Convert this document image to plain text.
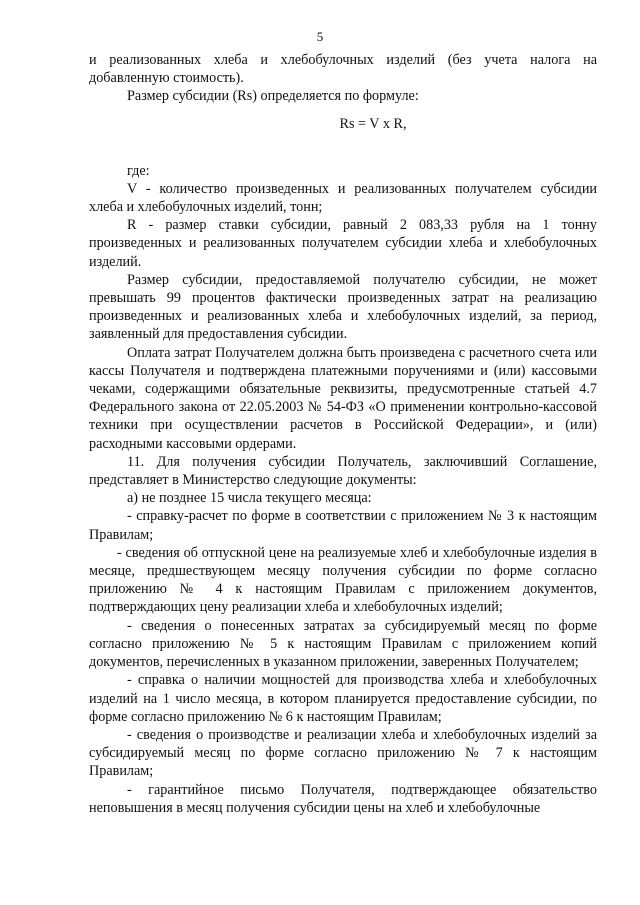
5

и реализованных хлеба и хлебобулочных изделий (без учета налога на добавленную стоимость).

Размер субсидии (Rs) определяется по формуле:

Rs = V x R,

где:

V - количество произведенных и реализованных получателем субсидии хлеба и хлебобулочных изделий, тонн;

R - размер ставки субсидии, равный 2 083,33 рубля на 1 тонну произведенных и реализованных получателем субсидии хлеба и хлебобулочных изделий.

Размер субсидии, предоставляемой получателю субсидии, не может превышать 99 процентов фактически произведенных затрат на реализацию произведенных и реализованных хлеба и хлебобулочных изделий, за период, заявленный для предоставления субсидии.

Оплата затрат Получателем должна быть произведена с расчетного счета или кассы Получателя и подтверждена платежными поручениями и (или) кассовыми чеками, содержащими обязательные реквизиты, предусмотренные статьей 4.7 Федерального закона от 22.05.2003 № 54-ФЗ «О применении контрольно-кассовой техники при осуществлении расчетов в Российской Федерации», и (или) расходными кассовыми ордерами.

11. Для получения субсидии Получатель, заключивший Соглашение, представляет в Министерство следующие документы:

а) не позднее 15 числа текущего месяца:

- справку-расчет по форме в соответствии с приложением № 3 к настоящим Правилам;

- сведения об отпускной цене на реализуемые хлеб и хлебобулочные изделия в месяце, предшествующем месяцу получения субсидии по форме согласно приложению № 4 к настоящим Правилам с приложением документов, подтверждающих цену реализации хлеба и хлебобулочных изделий;

- сведения о понесенных затратах за субсидируемый месяц по форме согласно приложению № 5 к настоящим Правилам с приложением копий документов, перечисленных в указанном приложении, заверенных Получателем;

- справка о наличии мощностей для производства хлеба и хлебобулочных изделий на 1 число месяца, в котором планируется предоставление субсидии, по форме согласно приложению № 6 к настоящим Правилам;

- сведения о производстве и реализации хлеба и хлебобулочных изделий за субсидируемый месяц по форме согласно приложению № 7 к настоящим Правилам;

- гарантийное письмо Получателя, подтверждающее обязательство неповышения в месяц получения субсидии цены на хлеб и хлебобулочные
